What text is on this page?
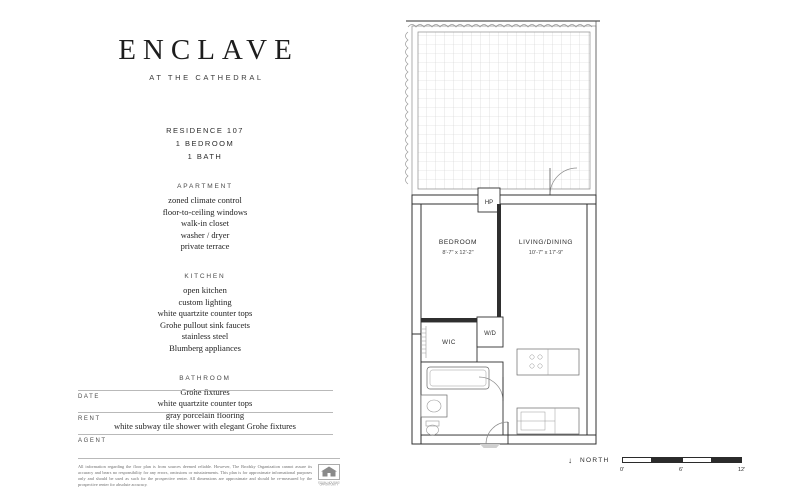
ENCLAVE
AT THE CATHEDRAL
RESIDENCE 107
1 BEDROOM
1 BATH
APARTMENT
zoned climate control
floor-to-ceiling windows
walk-in closet
washer / dryer
private terrace
KITCHEN
open kitchen
custom lighting
white quartzite counter tops
Grohe pullout sink faucets
stainless steel
Blumberg appliances
BATHROOM
Grohe fixtures
white quartzite counter tops
gray porcelain flooring
white subway tile shower with elegant Grohe fixtures
DATE
RENT
AGENT
All information regarding the floor plan is from sources deemed reliable. However, The Brodsky Organization cannot assure its accuracy and bears no responsibility for any errors, omissions or misstatements. This plan is for approximate informational purposes only and should be used as such for the prospective renter. All dimensions are approximate and should be re-measured by the prospective renter for absolute accuracy.	EQUAL HOUSING
OPPORTUNITY
HP
W/D
BEDROOM
8'-7" x 12'-2"
LIVING/DINING
10'-7" x 17'-9"
WIC
↓ NORTH
0'	6'	12'
